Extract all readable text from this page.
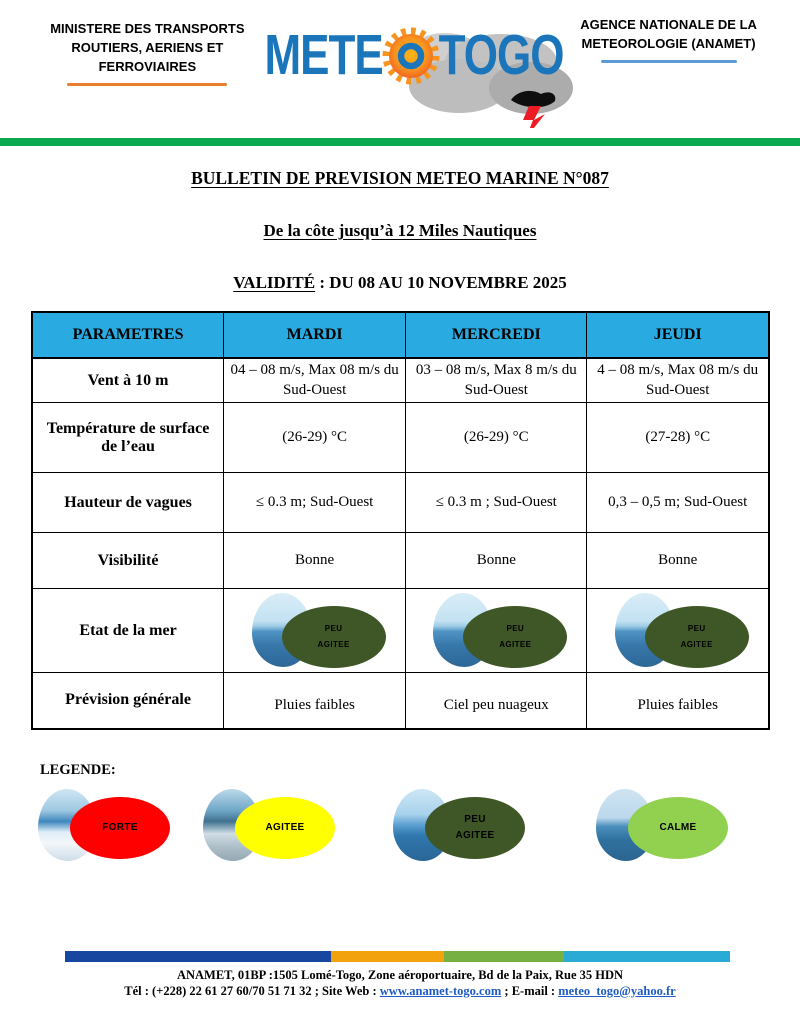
MINISTERE DES TRANSPORTS
ROUTIERS, AERIENS ET FERROVIAIRES	METE TOGO	AGENCE NATIONALE DE LA
METEOROLOGIE (ANAMET)
BULLETIN DE PREVISION METEO MARINE N°087
De la côte jusqu’à 12 Miles Nautiques
VALIDITÉ : DU 08 AU 10 NOVEMBRE 2025
PARAMETRES	MARDI	MERCREDI	JEUDI
Vent à 10 m	04 – 08 m/s, Max 08 m/s du Sud-Ouest	03 – 08 m/s, Max 8 m/s du Sud-Ouest	4 – 08 m/s, Max 08 m/s du Sud-Ouest
Température de surface de l’eau	(26-29) °C	(26-29) °C	(27-28) °C
Hauteur de vagues	≤ 0.3 m; Sud-Ouest	≤ 0.3 m ; Sud-Ouest	0,3 – 0,5 m; Sud-Ouest
Visibilité	Bonne	Bonne	Bonne
Etat de la mer	PEU AGITEE	PEU AGITEE	PEU AGITEE

Prévision générale	Pluies faibles	Ciel peu nuageux	Pluies faibles
LEGENDE:
FORTE	AGITEE
PEU AGITEE
CALME
ANAMET, 01BP :1505 Lomé-Togo, Zone aéroportuaire, Bd de la Paix, Rue 35 HDN
Tél : (+228) 22 61 27 60/70 51 71 32 ; Site Web : www.anamet-togo.com ; E-mail : meteo_togo@yahoo.fr
